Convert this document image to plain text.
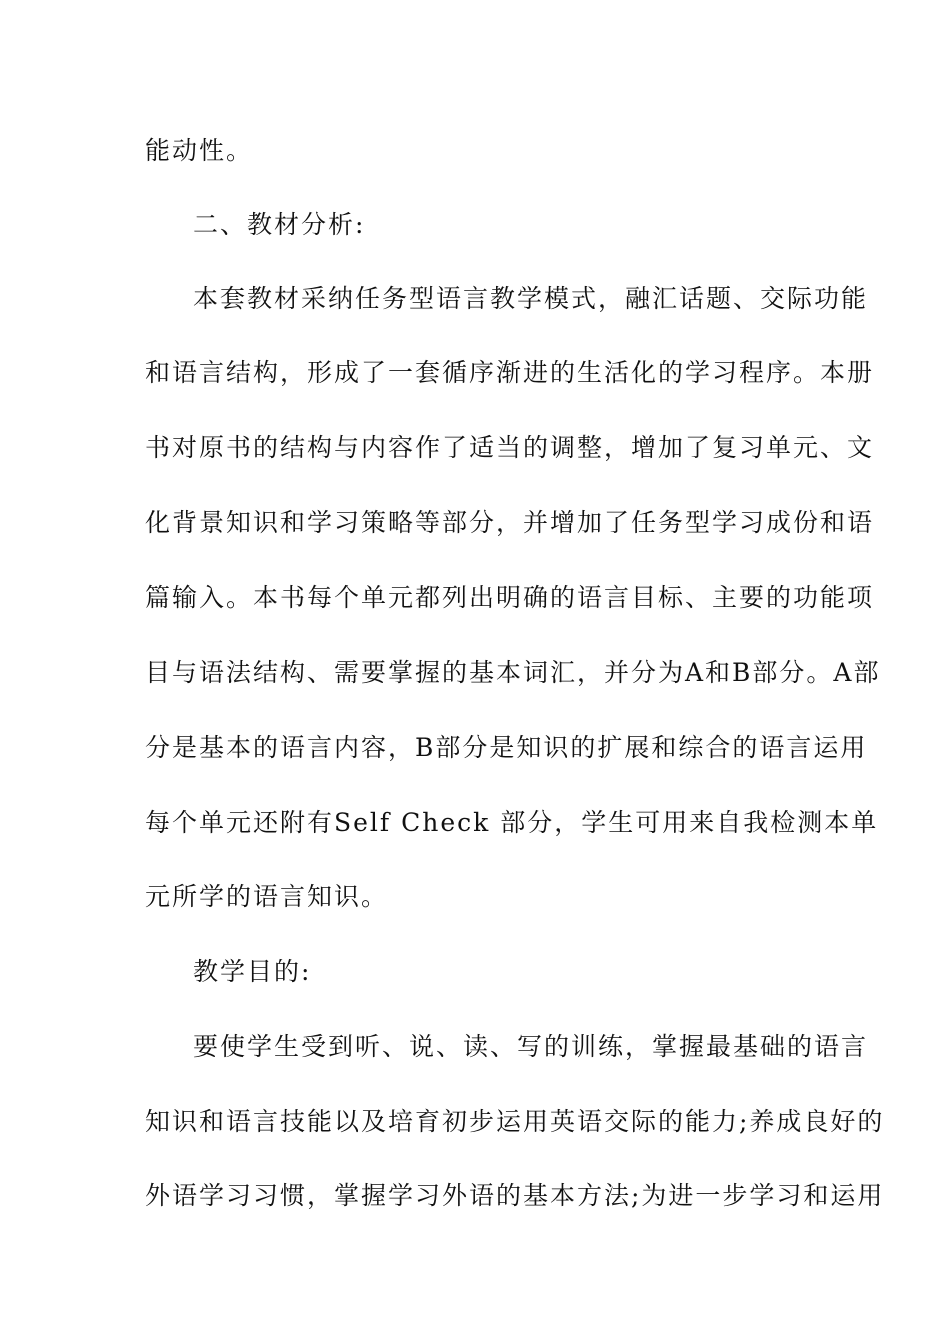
能动性。
二、教材分析:
本套教材采纳任务型语言教学模式，融汇话题、交际功能
和语言结构，形成了一套循序渐进的生活化的学习程序。本册
书对原书的结构与内容作了适当的调整，增加了复习单元、文
化背景知识和学习策略等部分，并增加了任务型学习成份和语
篇输入。本书每个单元都列出明确的语言目标、主要的功能项
目与语法结构、需要掌握的基本词汇，并分为A和B部分。A部
分是基本的语言内容，B部分是知识的扩展和综合的语言运用
每个单元还附有Self Check 部分，学生可用来自我检测本单
元所学的语言知识。
教学目的:
要使学生受到听、说、读、写的训练，掌握最基础的语言
知识和语言技能以及培育初步运用英语交际的能力;养成良好的
外语学习习惯，掌握学习外语的基本方法;为进一步学习和运用
